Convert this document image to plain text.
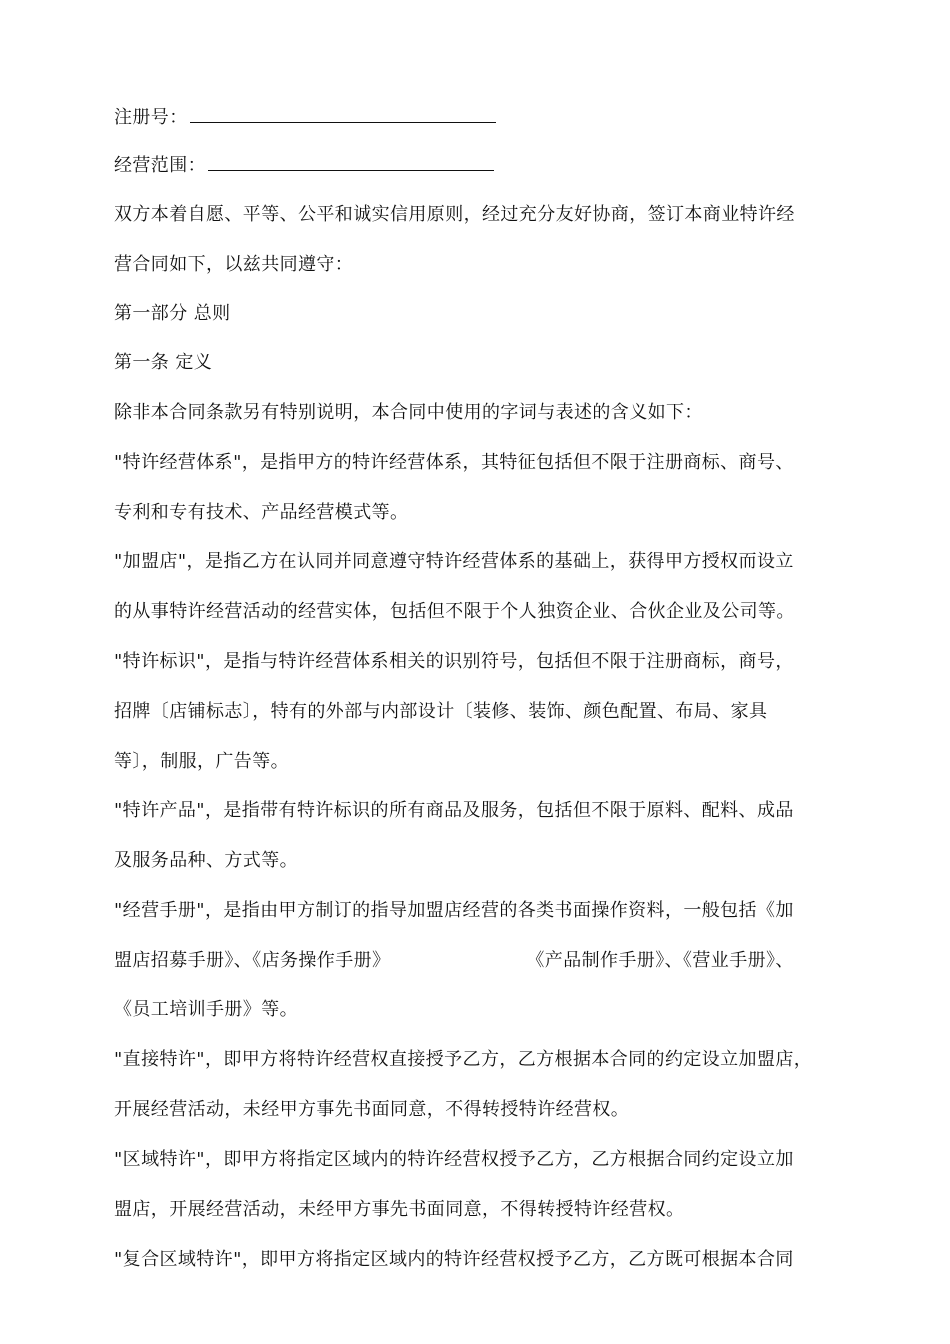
注册号：
经营范围：
双方本着自愿、平等、公平和诚实信用原则，经过充分友好协商，签订本商业特许经
营合同如下，以兹共同遵守：
第一部分 总则
第一条 定义
除非本合同条款另有特别说明，本合同中使用的字词与表述的含义如下：
"特许经营体系"，是指甲方的特许经营体系，其特征包括但不限于注册商标、商号、
专利和专有技术、产品经营模式等。
"加盟店"，是指乙方在认同并同意遵守特许经营体系的基础上，获得甲方授权而设立
的从事特许经营活动的经营实体，包括但不限于个人独资企业、合伙企业及公司等。
"特许标识"，是指与特许经营体系相关的识别符号，包括但不限于注册商标，商号，
招牌〔店铺标志〕，特有的外部与内部设计〔装修、装饰、颜色配置、布局、家具
等〕，制服，广告等。
"特许产品"，是指带有特许标识的所有商品及服务，包括但不限于原料、配料、成品
及服务品种、方式等。
"经营手册"，是指由甲方制订的指导加盟店经营的各类书面操作资料，一般包括《加
盟店招募手册》、《店务操作手册》	《产品制作手册》、《营业手册》、
《员工培训手册》等。
"直接特许"，即甲方将特许经营权直接授予乙方，乙方根据本合同的约定设立加盟店，
开展经营活动，未经甲方事先书面同意，不得转授特许经营权。
"区域特许"，即甲方将指定区域内的特许经营权授予乙方，乙方根据合同约定设立加
盟店，开展经营活动，未经甲方事先书面同意，不得转授特许经营权。
"复合区域特许"，即甲方将指定区域内的特许经营权授予乙方，乙方既可根据本合同
